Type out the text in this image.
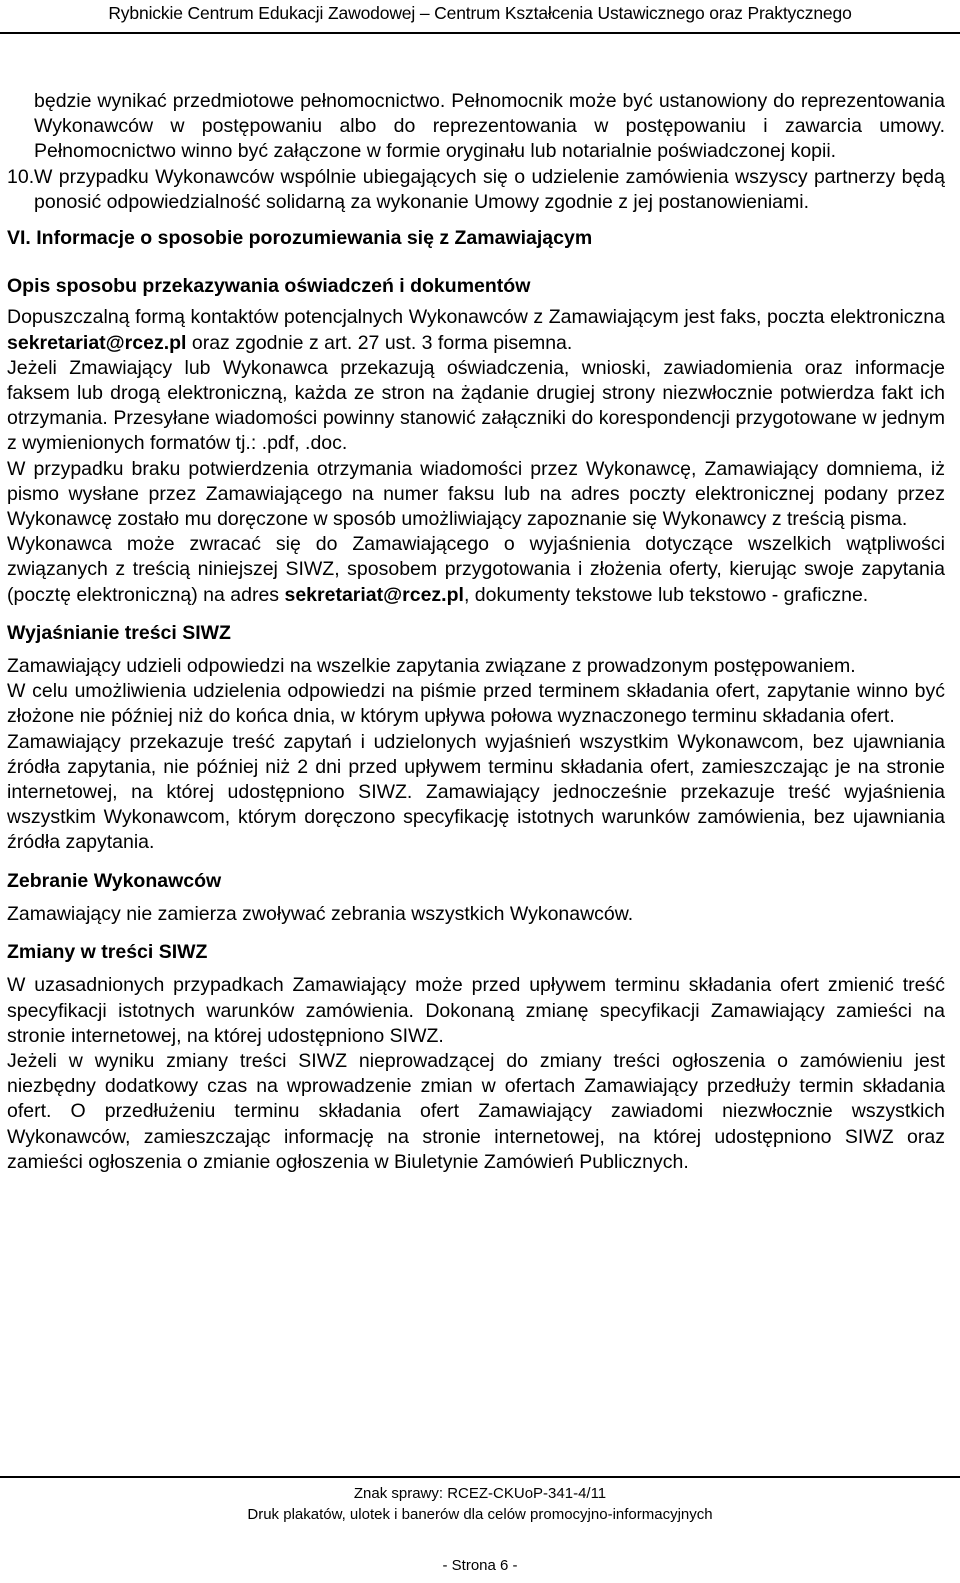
Rybnickie Centrum Edukacji Zawodowej – Centrum Kształcenia Ustawicznego oraz Praktycznego

będzie wynikać przedmiotowe pełnomocnictwo. Pełnomocnik może być ustanowiony do reprezentowania Wykonawców w postępowaniu albo do reprezentowania w postępowaniu i zawarcia umowy. Pełnomocnictwo winno być załączone w formie oryginału lub notarialnie poświadczonej kopii.

10.W przypadku Wykonawców wspólnie ubiegających się o udzielenie zamówienia wszyscy partnerzy będą ponosić odpowiedzialność solidarną za wykonanie Umowy zgodnie z jej postanowieniami.

VI. Informacje o sposobie porozumiewania się z Zamawiającym

Opis sposobu przekazywania oświadczeń i dokumentów

Dopuszczalną formą kontaktów potencjalnych Wykonawców z Zamawiającym jest faks, poczta elektroniczna sekretariat@rcez.pl oraz zgodnie z art. 27 ust. 3 forma pisemna.

Jeżeli Zmawiający lub Wykonawca przekazują oświadczenia, wnioski, zawiadomienia oraz informacje faksem lub drogą elektroniczną, każda ze stron na żądanie drugiej strony niezwłocznie potwierdza fakt ich otrzymania. Przesyłane wiadomości powinny stanowić załączniki do korespondencji przygotowane w jednym z wymienionych formatów tj.: .pdf, .doc.

W przypadku braku potwierdzenia otrzymania wiadomości przez Wykonawcę, Zamawiający domniema, iż pismo wysłane przez Zamawiającego na numer faksu lub na adres poczty elektronicznej podany przez Wykonawcę zostało mu doręczone w sposób umożliwiający zapoznanie się Wykonawcy z treścią pisma.

Wykonawca może zwracać się do Zamawiającego o wyjaśnienia dotyczące wszelkich wątpliwości związanych z treścią niniejszej SIWZ, sposobem przygotowania i złożenia oferty, kierując swoje zapytania (pocztę elektroniczną) na adres sekretariat@rcez.pl, dokumenty tekstowe lub tekstowo - graficzne.

Wyjaśnianie treści SIWZ

Zamawiający udzieli odpowiedzi na wszelkie zapytania związane z prowadzonym postępowaniem.

W celu umożliwienia udzielenia odpowiedzi na piśmie przed terminem składania ofert, zapytanie winno być złożone nie później niż do końca dnia, w którym upływa połowa wyznaczonego terminu składania ofert.

Zamawiający przekazuje treść zapytań i udzielonych wyjaśnień wszystkim Wykonawcom, bez ujawniania źródła zapytania, nie później niż 2 dni przed upływem terminu składania ofert, zamieszczając je na stronie internetowej, na której udostępniono SIWZ. Zamawiający jednocześnie przekazuje treść wyjaśnienia wszystkim Wykonawcom, którym doręczono specyfikację istotnych warunków zamówienia, bez ujawniania źródła zapytania.

Zebranie Wykonawców

Zamawiający nie zamierza zwoływać zebrania wszystkich Wykonawców.

Zmiany w treści SIWZ

W uzasadnionych przypadkach Zamawiający może przed upływem terminu składania ofert zmienić treść specyfikacji istotnych warunków zamówienia. Dokonaną zmianę specyfikacji Zamawiający zamieści na stronie internetowej, na której udostępniono SIWZ.

Jeżeli w wyniku zmiany treści SIWZ nieprowadzącej do zmiany treści ogłoszenia o zamówieniu jest niezbędny dodatkowy czas na wprowadzenie zmian w ofertach Zamawiający przedłuży termin składania ofert. O przedłużeniu terminu składania ofert Zamawiający zawiadomi niezwłocznie wszystkich Wykonawców, zamieszczając informację na stronie internetowej, na której udostępniono SIWZ oraz zamieści ogłoszenia o zmianie ogłoszenia w Biuletynie Zamówień Publicznych.

Znak sprawy: RCEZ-CKUoP-341-4/11
Druk plakatów, ulotek i banerów dla celów promocyjno-informacyjnych
- Strona 6 -
